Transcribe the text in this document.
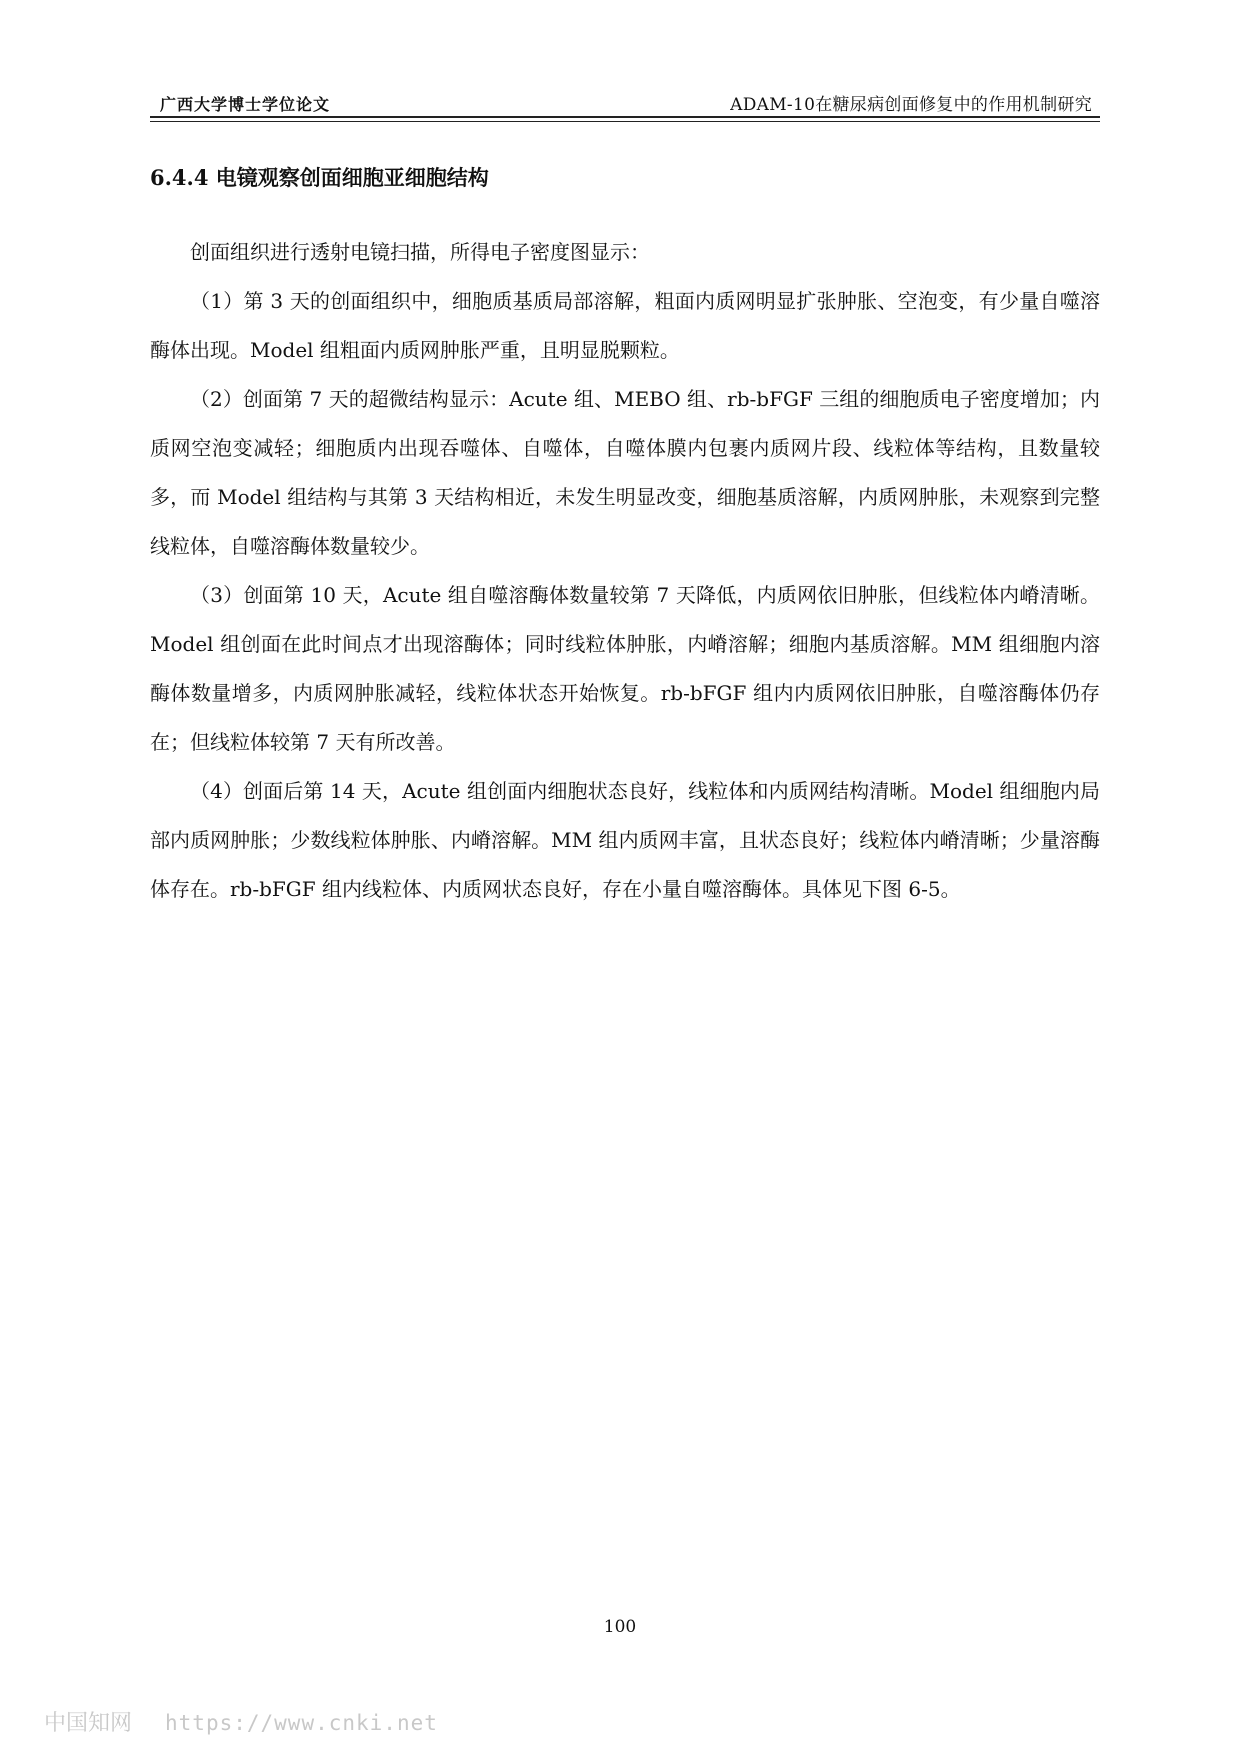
广西大学博士学位论文	ADAM-10在糖尿病创面修复中的作用机制研究
6.4.4 电镜观察创面细胞亚细胞结构

创面组织进行透射电镜扫描，所得电子密度图显示：

（1）第 3 天的创面组织中，细胞质基质局部溶解，粗面内质网明显扩张肿胀、空泡变，有少量自噬溶酶体出现。Model 组粗面内质网肿胀严重，且明显脱颗粒。

（2）创面第 7 天的超微结构显示：Acute 组、MEBO 组、rb-bFGF 三组的细胞质电子密度增加；内质网空泡变减轻；细胞质内出现吞噬体、自噬体，自噬体膜内包裹内质网片段、线粒体等结构，且数量较多，而 Model 组结构与其第 3 天结构相近，未发生明显改变，细胞基质溶解，内质网肿胀，未观察到完整线粒体，自噬溶酶体数量较少。

（3）创面第 10 天，Acute 组自噬溶酶体数量较第 7 天降低，内质网依旧肿胀，但线粒体内嵴清晰。Model 组创面在此时间点才出现溶酶体；同时线粒体肿胀，内嵴溶解；细胞内基质溶解。MM 组细胞内溶酶体数量增多，内质网肿胀减轻，线粒体状态开始恢复。rb-bFGF 组内内质网依旧肿胀，自噬溶酶体仍存在；但线粒体较第 7 天有所改善。

（4）创面后第 14 天，Acute 组创面内细胞状态良好，线粒体和内质网结构清晰。Model 组细胞内局部内质网肿胀；少数线粒体肿胀、内嵴溶解。MM 组内质网丰富，且状态良好；线粒体内嵴清晰；少量溶酶体存在。rb-bFGF 组内线粒体、内质网状态良好，存在小量自噬溶酶体。具体见下图 6-5。

100
中国知网 https://www.cnki.net
